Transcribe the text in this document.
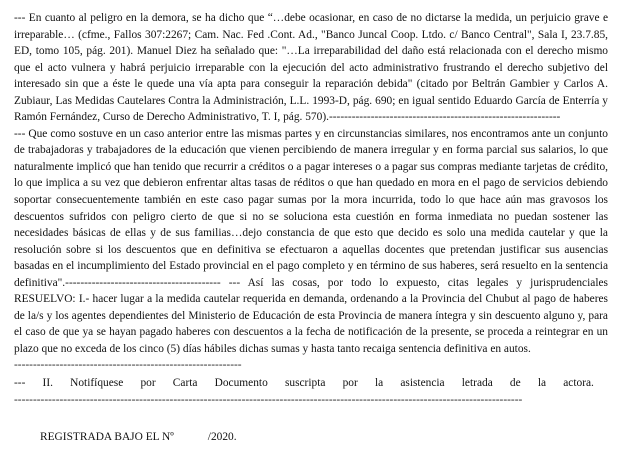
--- En cuanto al peligro en la demora, se ha dicho que “…debe ocasionar, en caso de no dictarse la medida, un perjuicio grave e irreparable… (cfme., Fallos 307:2267; Cam. Nac. Fed .Cont. Ad., "Banco Juncal Coop. Ltdo. c/ Banco Central", Sala I, 23.7.85, ED, tomo 105, pág. 201). Manuel Diez ha señalado que: "…La irreparabilidad del daño está relacionada con el derecho mismo que el acto vulnera y habrá perjuicio irreparable con la ejecución del acto administrativo frustrando el derecho subjetivo del interesado sin que a éste le quede una vía apta para conseguir la reparación debida" (citado por Beltrán Gambier y Carlos A. Zubiaur, Las Medidas Cautelares Contra la Administración, L.L. 1993-D, pág. 690; en igual sentido Eduardo García de Enterría y Ramón Fernández, Curso de Derecho Administrativo, T. I, pág. 570).-------------------------------------------------------------

--- Que como sostuve en un caso anterior entre las mismas partes y en circunstancias similares, nos encontramos ante un conjunto de trabajadoras y trabajadores de la educación que vienen percibiendo de manera irregular y en forma parcial sus salarios, lo que naturalmente implicó que han tenido que recurrir a créditos o a pagar intereses o a pagar sus compras mediante tarjetas de crédito, lo que implica a su vez que debieron enfrentar altas tasas de réditos o que han quedado en mora en el pago de servicios debiendo soportar consecuentemente también en este caso pagar sumas por la mora incurrida, todo lo que hace aún mas gravosos los descuentos sufridos con peligro cierto de que si no se soluciona esta cuestión en forma inmediata no puedan sostener las necesidades básicas de ellas y de sus familias…dejo constancia de que esto que decido es solo una medida cautelar y que la resolución sobre si los descuentos que en definitiva se efectuaron a aquellas docentes que pretendan justificar sus ausencias basadas en el incumplimiento del Estado provincial en el pago completo y en término de sus haberes, será resuelto en la sentencia definitiva".----------------------------------------- --- Así las cosas, por todo lo expuesto, citas legales y jurisprudenciales RESUELVO: I.- hacer lugar a la medida cautelar requerida en demanda, ordenando a la Provincia del Chubut al pago de haberes de la/s y los agentes dependientes del Ministerio de Educación de esta Provincia de manera íntegra y sin descuento alguno y, para el caso de que ya se hayan pagado haberes con descuentos a la fecha de notificación de la presente, se proceda a reintegrar en un plazo que no exceda de los cinco (5) días hábiles dichas sumas y hasta tanto recaiga sentencia definitiva en autos.

------------------------------------------------------------
--- II. Notifíquese por Carta Documento suscripta por la asistencia letrada de la actora.
--------------------------------------------------------------------------------------------------------------------------------------
REGISTRADA BAJO EL Nº	/2020.
